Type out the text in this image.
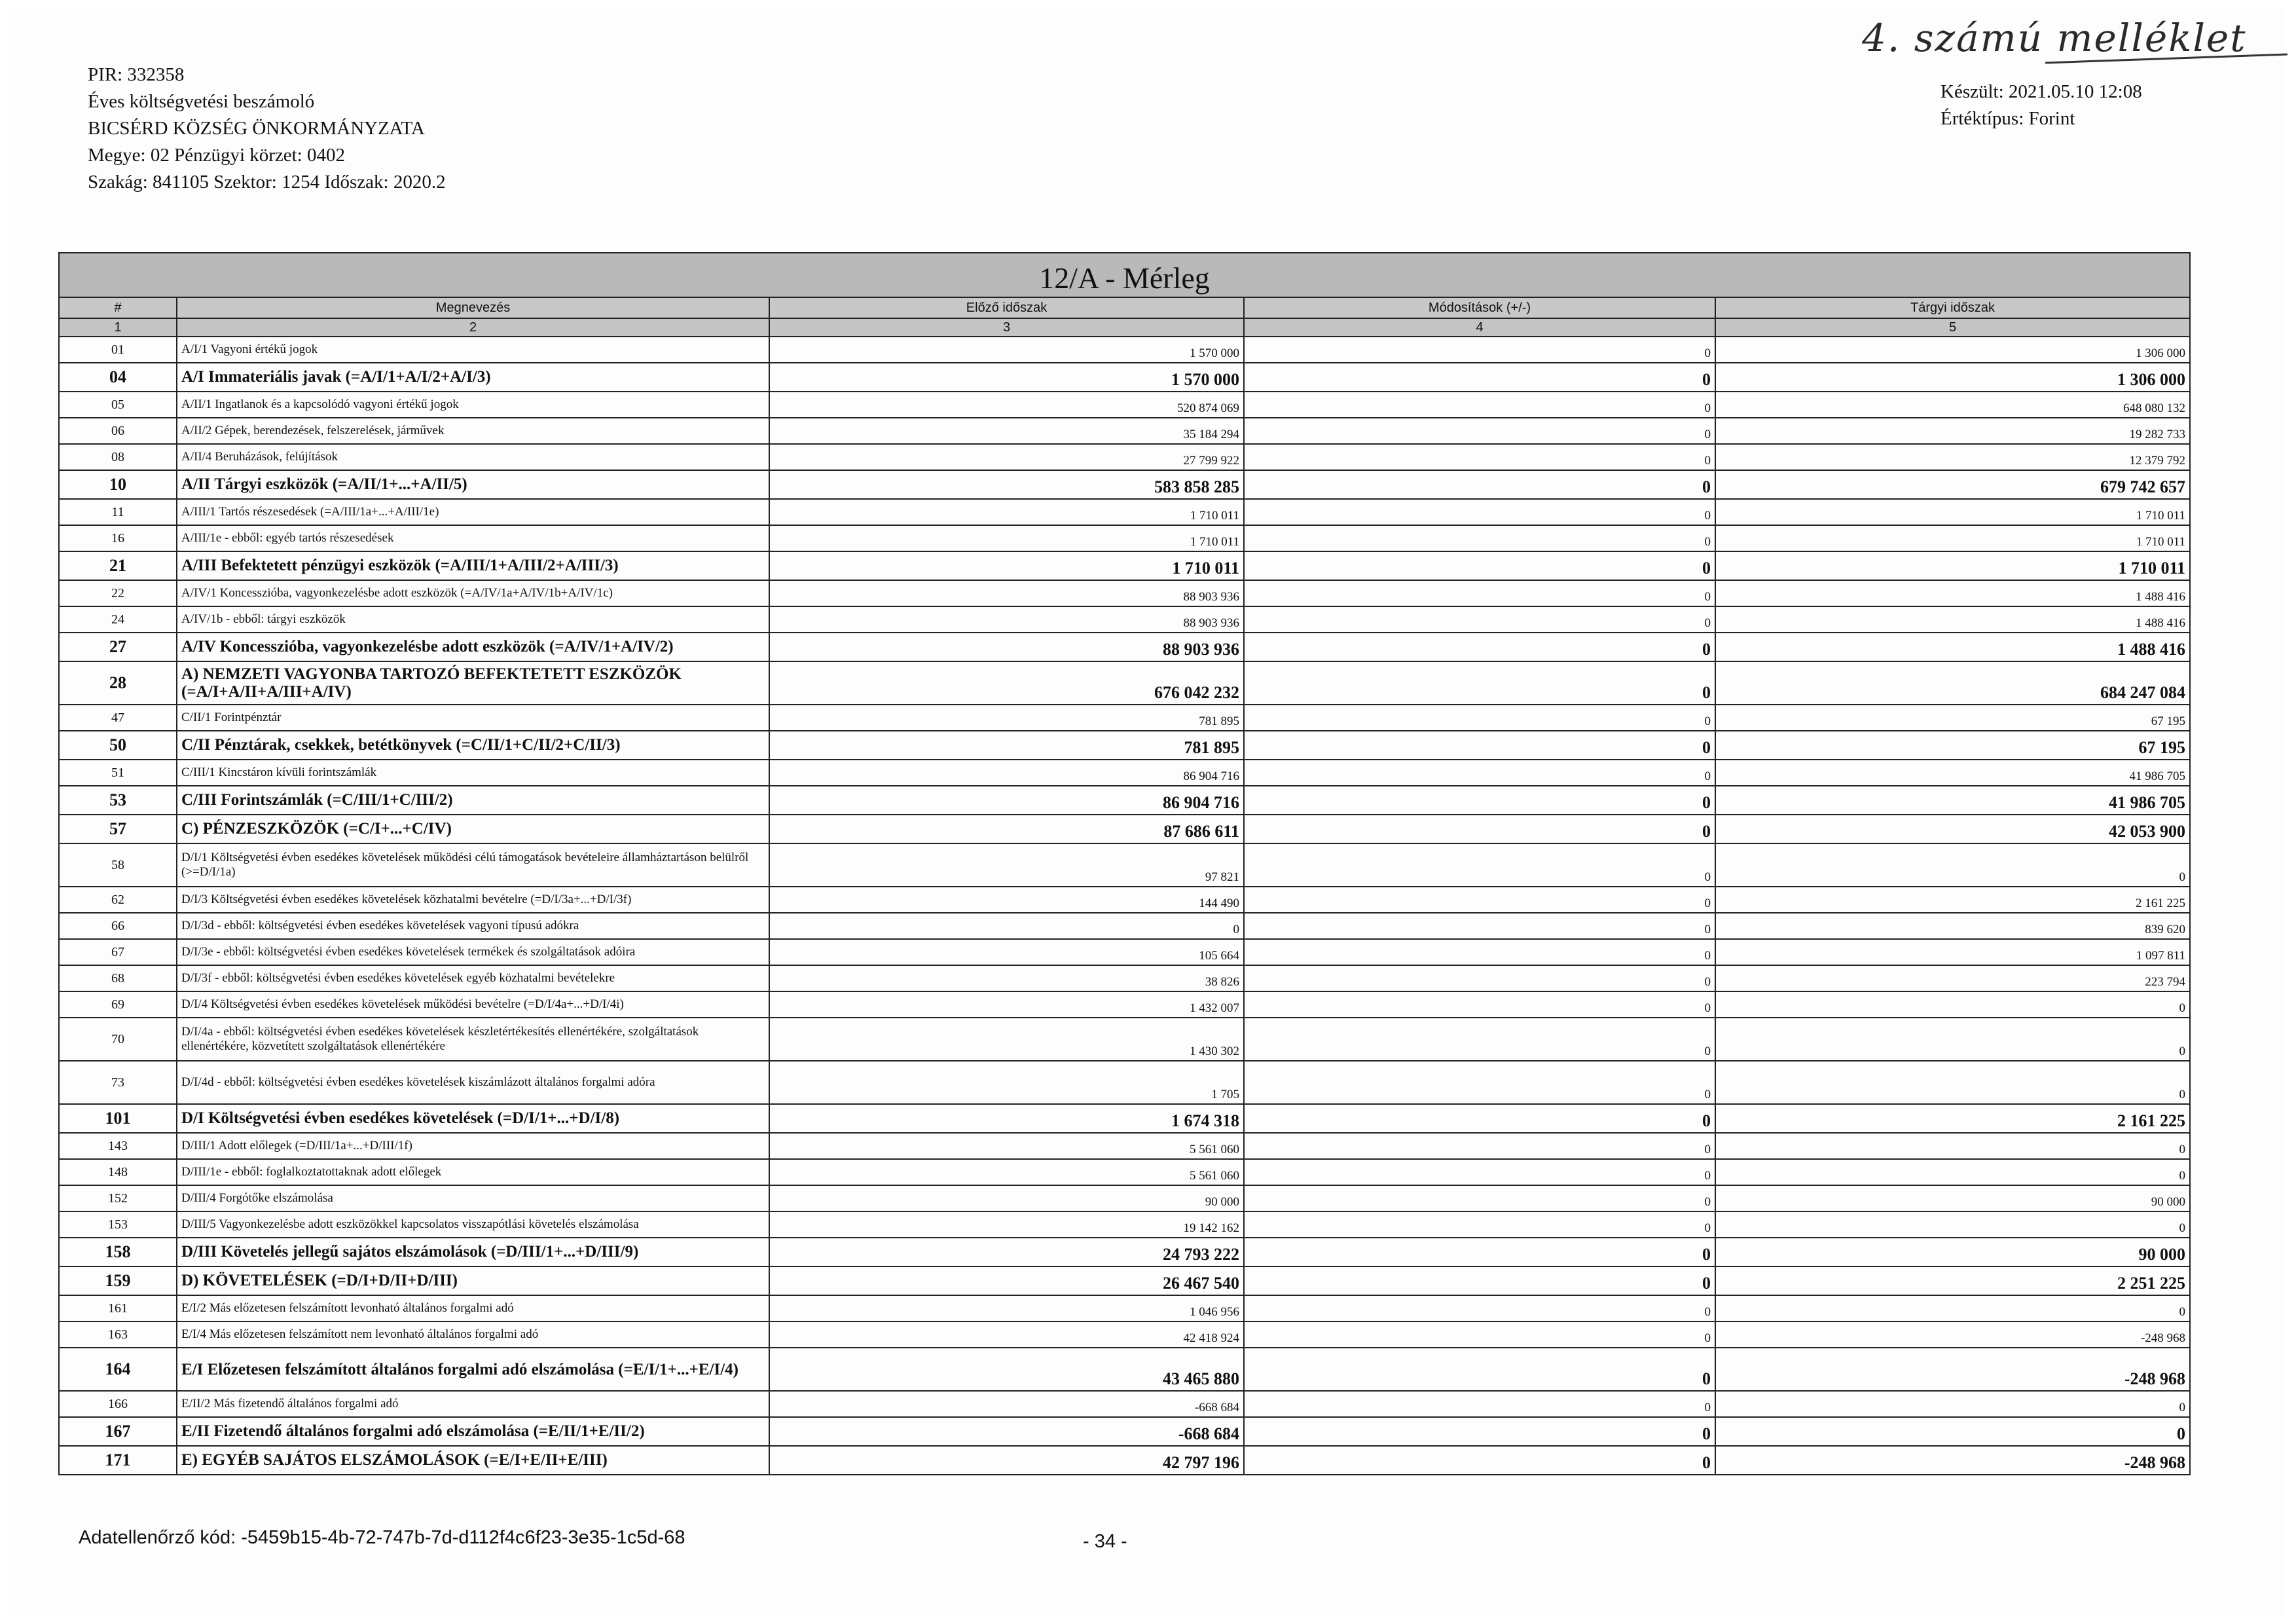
PIR: 332358
Éves költségvetési beszámoló
BICSÉRD KÖZSÉG ÖNKORMÁNYZATA
Megye: 02 Pénzügyi körzet: 0402
Szakág: 841105 Szektor: 1254 Időszak: 2020.2
4. számú melléklet
Készült: 2021.05.10 12:08
Értéktípus: Forint
12/A - Mérleg				
#	Megnevezés	Előző időszak	Módosítások (+/-)	Tárgyi időszak
1	2	3	4	5
01	A/I/1 Vagyoni értékű jogok	1 570 000	0	1 306 000
04	A/I Immateriális javak (=A/I/1+A/I/2+A/I/3)	1 570 000	0	1 306 000
05	A/II/1 Ingatlanok és a kapcsolódó vagyoni értékű jogok	520 874 069	0	648 080 132
06	A/II/2 Gépek, berendezések, felszerelések, járművek	35 184 294	0	19 282 733
08	A/II/4 Beruházások, felújítások	27 799 922	0	12 379 792
10	A/II Tárgyi eszközök (=A/II/1+...+A/II/5)	583 858 285	0	679 742 657
11	A/III/1 Tartós részesedések (=A/III/1a+...+A/III/1e)	1 710 011	0	1 710 011
16	A/III/1e - ebből: egyéb tartós részesedések	1 710 011	0	1 710 011
21	A/III Befektetett pénzügyi eszközök (=A/III/1+A/III/2+A/III/3)	1 710 011	0	1 710 011
22	A/IV/1 Koncesszióba, vagyonkezelésbe adott eszközök (=A/IV/1a+A/IV/1b+A/IV/1c)	88 903 936	0	1 488 416
24	A/IV/1b - ebből: tárgyi eszközök	88 903 936	0	1 488 416
27	A/IV Koncesszióba, vagyonkezelésbe adott eszközök (=A/IV/1+A/IV/2)	88 903 936	0	1 488 416
28	A) NEMZETI VAGYONBA TARTOZÓ BEFEKTETETT ESZKÖZÖK (=A/I+A/II+A/III+A/IV)	676 042 232	0	684 247 084
47	C/II/1 Forintpénztár	781 895	0	67 195
50	C/II Pénztárak, csekkek, betétkönyvek (=C/II/1+C/II/2+C/II/3)	781 895	0	67 195
51	C/III/1 Kincstáron kívüli forintszámlák	86 904 716	0	41 986 705
53	C/III Forintszámlák (=C/III/1+C/III/2)	86 904 716	0	41 986 705
57	C) PÉNZESZKÖZÖK (=C/I+...+C/IV)	87 686 611	0	42 053 900
58	D/I/1 Költségvetési évben esedékes követelések működési célú támogatások bevételeire államháztartáson belülről (>=D/I/1a)	97 821	0	0
62	D/I/3 Költségvetési évben esedékes követelések közhatalmi bevételre (=D/I/3a+...+D/I/3f)	144 490	0	2 161 225
66	D/I/3d - ebből: költségvetési évben esedékes követelések vagyoni típusú adókra	0	0	839 620
67	D/I/3e - ebből: költségvetési évben esedékes követelések termékek és szolgáltatások adóira	105 664	0	1 097 811
68	D/I/3f - ebből: költségvetési évben esedékes követelések egyéb közhatalmi bevételekre	38 826	0	223 794
69	D/I/4 Költségvetési évben esedékes követelések működési bevételre (=D/I/4a+...+D/I/4i)	1 432 007	0	0
70	D/I/4a - ebből: költségvetési évben esedékes követelések készletértékesítés ellenértékére, szolgáltatások ellenértékére, közvetített szolgáltatások ellenértékére	1 430 302	0	0
73	D/I/4d - ebből: költségvetési évben esedékes követelések kiszámlázott általános forgalmi adóra	1 705	0	0
101	D/I Költségvetési évben esedékes követelések (=D/I/1+...+D/I/8)	1 674 318	0	2 161 225
143	D/III/1 Adott előlegek (=D/III/1a+...+D/III/1f)	5 561 060	0	0
148	D/III/1e - ebből: foglalkoztatottaknak adott előlegek	5 561 060	0	0
152	D/III/4 Forgótőke elszámolása	90 000	0	90 000
153	D/III/5 Vagyonkezelésbe adott eszközökkel kapcsolatos visszapótlási követelés elszámolása	19 142 162	0	0
158	D/III Követelés jellegű sajátos elszámolások (=D/III/1+...+D/III/9)	24 793 222	0	90 000
159	D) KÖVETELÉSEK (=D/I+D/II+D/III)	26 467 540	0	2 251 225
161	E/I/2 Más előzetesen felszámított levonható általános forgalmi adó	1 046 956	0	0
163	E/I/4 Más előzetesen felszámított nem levonható általános forgalmi adó	42 418 924	0	-248 968
164	E/I Előzetesen felszámított általános forgalmi adó elszámolása (=E/I/1+...+E/I/4)	43 465 880	0	-248 968
166	E/II/2 Más fizetendő általános forgalmi adó	-668 684	0	0
167	E/II Fizetendő általános forgalmi adó elszámolása (=E/II/1+E/II/2)	-668 684	0	0
171	E) EGYÉB SAJÁTOS ELSZÁMOLÁSOK (=E/I+E/II+E/III)	42 797 196	0	-248 968
Adatellenőrző kód: -5459b15-4b-72-747b-7d-d112f4c6f23-3e35-1c5d-68	- 34 -
